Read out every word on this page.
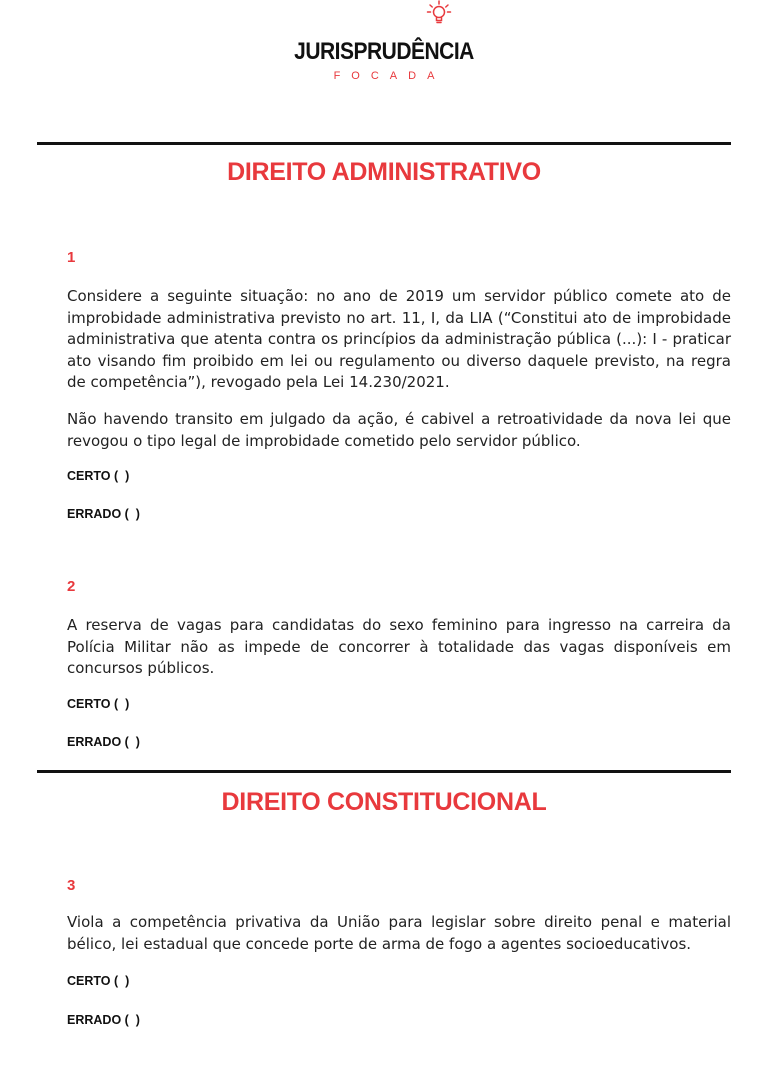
JURISPRUDÊNCIA
FOCADA
DIREITO ADMINISTRATIVO
1

Considere a seguinte situação: no ano de 2019 um servidor público comete ato de improbidade administrativa previsto no art. 11, I, da LIA (“Constitui ato de improbidade administrativa que atenta contra os princípios da administração pública (...): I - praticar ato visando fim proibido em lei ou regulamento ou diverso daquele previsto, na regra de competência”), revogado pela Lei 14.230/2021.

Não havendo transito em julgado da ação, é cabivel a retroatividade da nova lei que revogou o tipo legal de improbidade cometido pelo servidor público.

CERTO (  )
ERRADO (  )
2

A reserva de vagas para candidatas do sexo feminino para ingresso na carreira da Polícia Militar não as impede de concorrer à totalidade das vagas disponíveis em concursos públicos.

CERTO (  )
ERRADO (  )
DIREITO CONSTITUCIONAL
3

Viola a competência privativa da União para legislar sobre direito penal e material bélico, lei estadual que concede porte de arma de fogo a agentes socioeducativos.

CERTO (  )
ERRADO (  )
